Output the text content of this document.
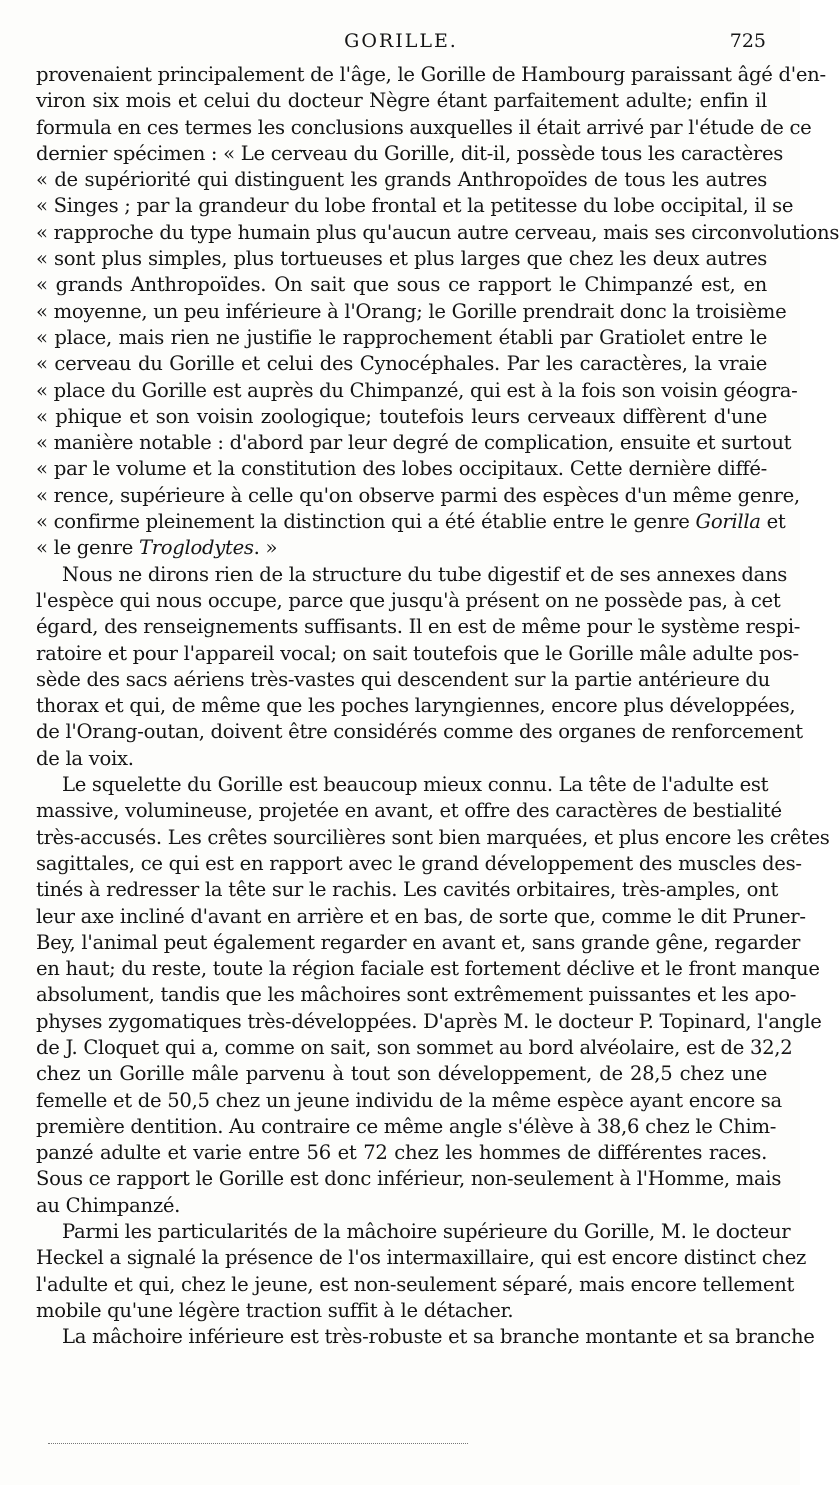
GORILLE.	725
provenaient principalement de l'âge, le Gorille de Hambourg paraissant âgé d'en-
viron six mois et celui du docteur Nègre étant parfaitement adulte; enfin il
formula en ces termes les conclusions auxquelles il était arrivé par l'étude de ce
dernier spécimen : « Le cerveau du Gorille, dit-il, possède tous les caractères
« de supériorité qui distinguent les grands Anthropoïdes de tous les autres
« Singes ; par la grandeur du lobe frontal et la petitesse du lobe occipital, il se
« rapproche du type humain plus qu'aucun autre cerveau, mais ses circonvolutions
« sont plus simples, plus tortueuses et plus larges que chez les deux autres
« grands Anthropoïdes. On sait que sous ce rapport le Chimpanzé est, en
« moyenne, un peu inférieure à l'Orang; le Gorille prendrait donc la troisième
« place, mais rien ne justifie le rapprochement établi par Gratiolet entre le
« cerveau du Gorille et celui des Cynocéphales. Par les caractères, la vraie
« place du Gorille est auprès du Chimpanzé, qui est à la fois son voisin géogra-
« phique et son voisin zoologique; toutefois leurs cerveaux diffèrent d'une
« manière notable : d'abord par leur degré de complication, ensuite et surtout
« par le volume et la constitution des lobes occipitaux. Cette dernière diffé-
« rence, supérieure à celle qu'on observe parmi des espèces d'un même genre,
« confirme pleinement la distinction qui a été établie entre le genre Gorilla et
« le genre Troglodytes. »
Nous ne dirons rien de la structure du tube digestif et de ses annexes dans
l'espèce qui nous occupe, parce que jusqu'à présent on ne possède pas, à cet
égard, des renseignements suffisants. Il en est de même pour le système respi-
ratoire et pour l'appareil vocal; on sait toutefois que le Gorille mâle adulte pos-
sède des sacs aériens très-vastes qui descendent sur la partie antérieure du
thorax et qui, de même que les poches laryngiennes, encore plus développées,
de l'Orang-outan, doivent être considérés comme des organes de renforcement
de la voix.
Le squelette du Gorille est beaucoup mieux connu. La tête de l'adulte est
massive, volumineuse, projetée en avant, et offre des caractères de bestialité
très-accusés. Les crêtes sourcilières sont bien marquées, et plus encore les crêtes
sagittales, ce qui est en rapport avec le grand développement des muscles des-
tinés à redresser la tête sur le rachis. Les cavités orbitaires, très-amples, ont
leur axe incliné d'avant en arrière et en bas, de sorte que, comme le dit Pruner-
Bey, l'animal peut également regarder en avant et, sans grande gêne, regarder
en haut; du reste, toute la région faciale est fortement déclive et le front manque
absolument, tandis que les mâchoires sont extrêmement puissantes et les apo-
physes zygomatiques très-développées. D'après M. le docteur P. Topinard, l'angle
de J. Cloquet qui a, comme on sait, son sommet au bord alvéolaire, est de 32,2
chez un Gorille mâle parvenu à tout son développement, de 28,5 chez une
femelle et de 50,5 chez un jeune individu de la même espèce ayant encore sa
première dentition. Au contraire ce même angle s'élève à 38,6 chez le Chim-
panzé adulte et varie entre 56 et 72 chez les hommes de différentes races.
Sous ce rapport le Gorille est donc inférieur, non-seulement à l'Homme, mais
au Chimpanzé.
Parmi les particularités de la mâchoire supérieure du Gorille, M. le docteur
Heckel a signalé la présence de l'os intermaxillaire, qui est encore distinct chez
l'adulte et qui, chez le jeune, est non-seulement séparé, mais encore tellement
mobile qu'une légère traction suffit à le détacher.
La mâchoire inférieure est très-robuste et sa branche montante et sa branche
